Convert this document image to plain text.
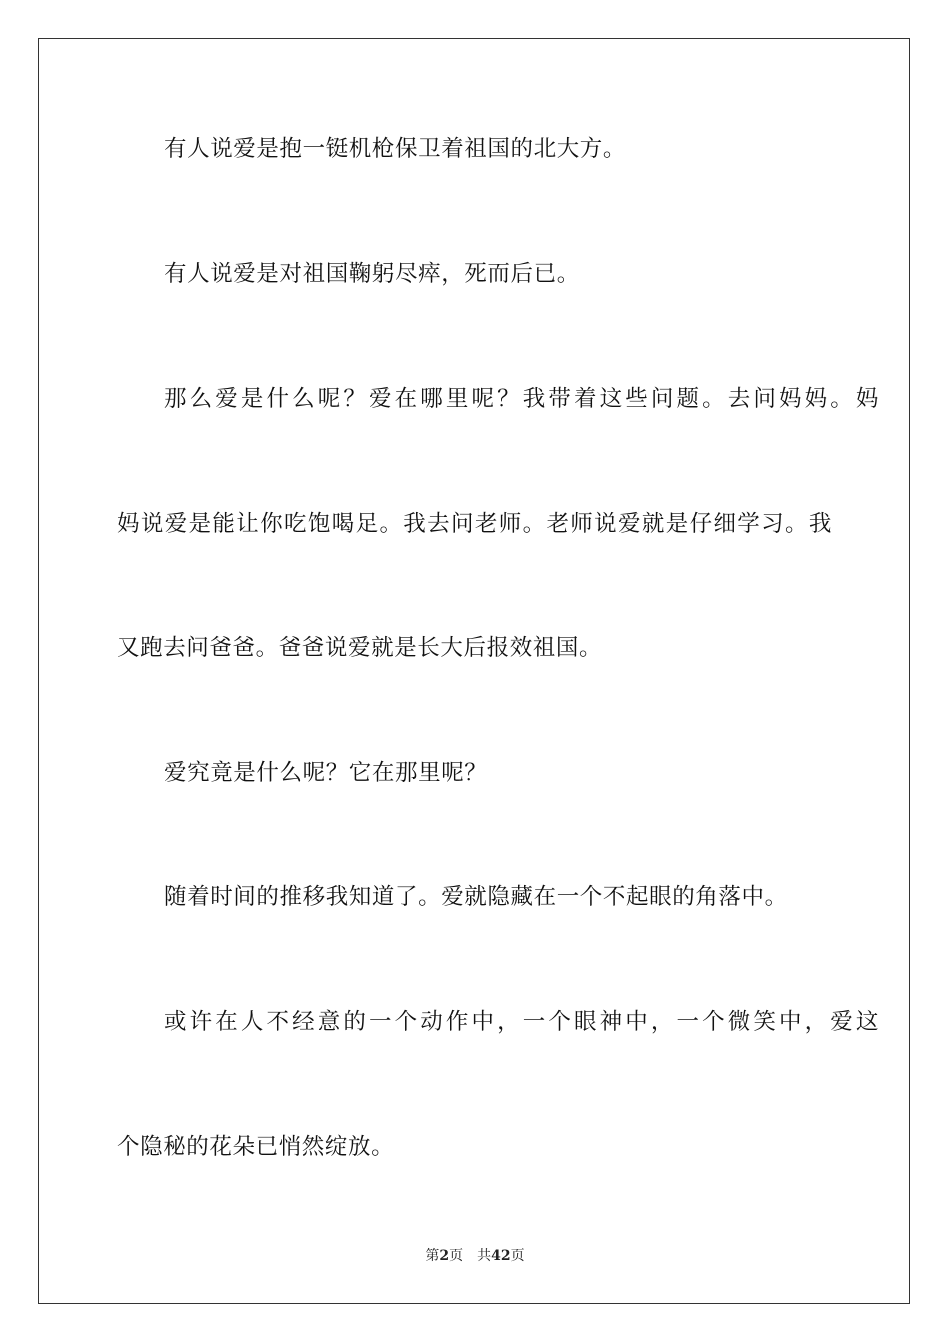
有人说爱是抱一铤机枪保卫着祖国的北大方。
有人说爱是对祖国鞠躬尽瘁，死而后已。
那么爱是什么呢？爱在哪里呢？我带着这些问题。去问妈妈。妈
妈说爱是能让你吃饱喝足。我去问老师。老师说爱就是仔细学习。我
又跑去问爸爸。爸爸说爱就是长大后报效祖国。
爱究竟是什么呢？它在那里呢？
随着时间的推移我知道了。爱就隐藏在一个不起眼的角落中。
或许在人不经意的一个动作中，一个眼神中，一个微笑中，爱这
个隐秘的花朵已悄然绽放。
第2页 共42页
